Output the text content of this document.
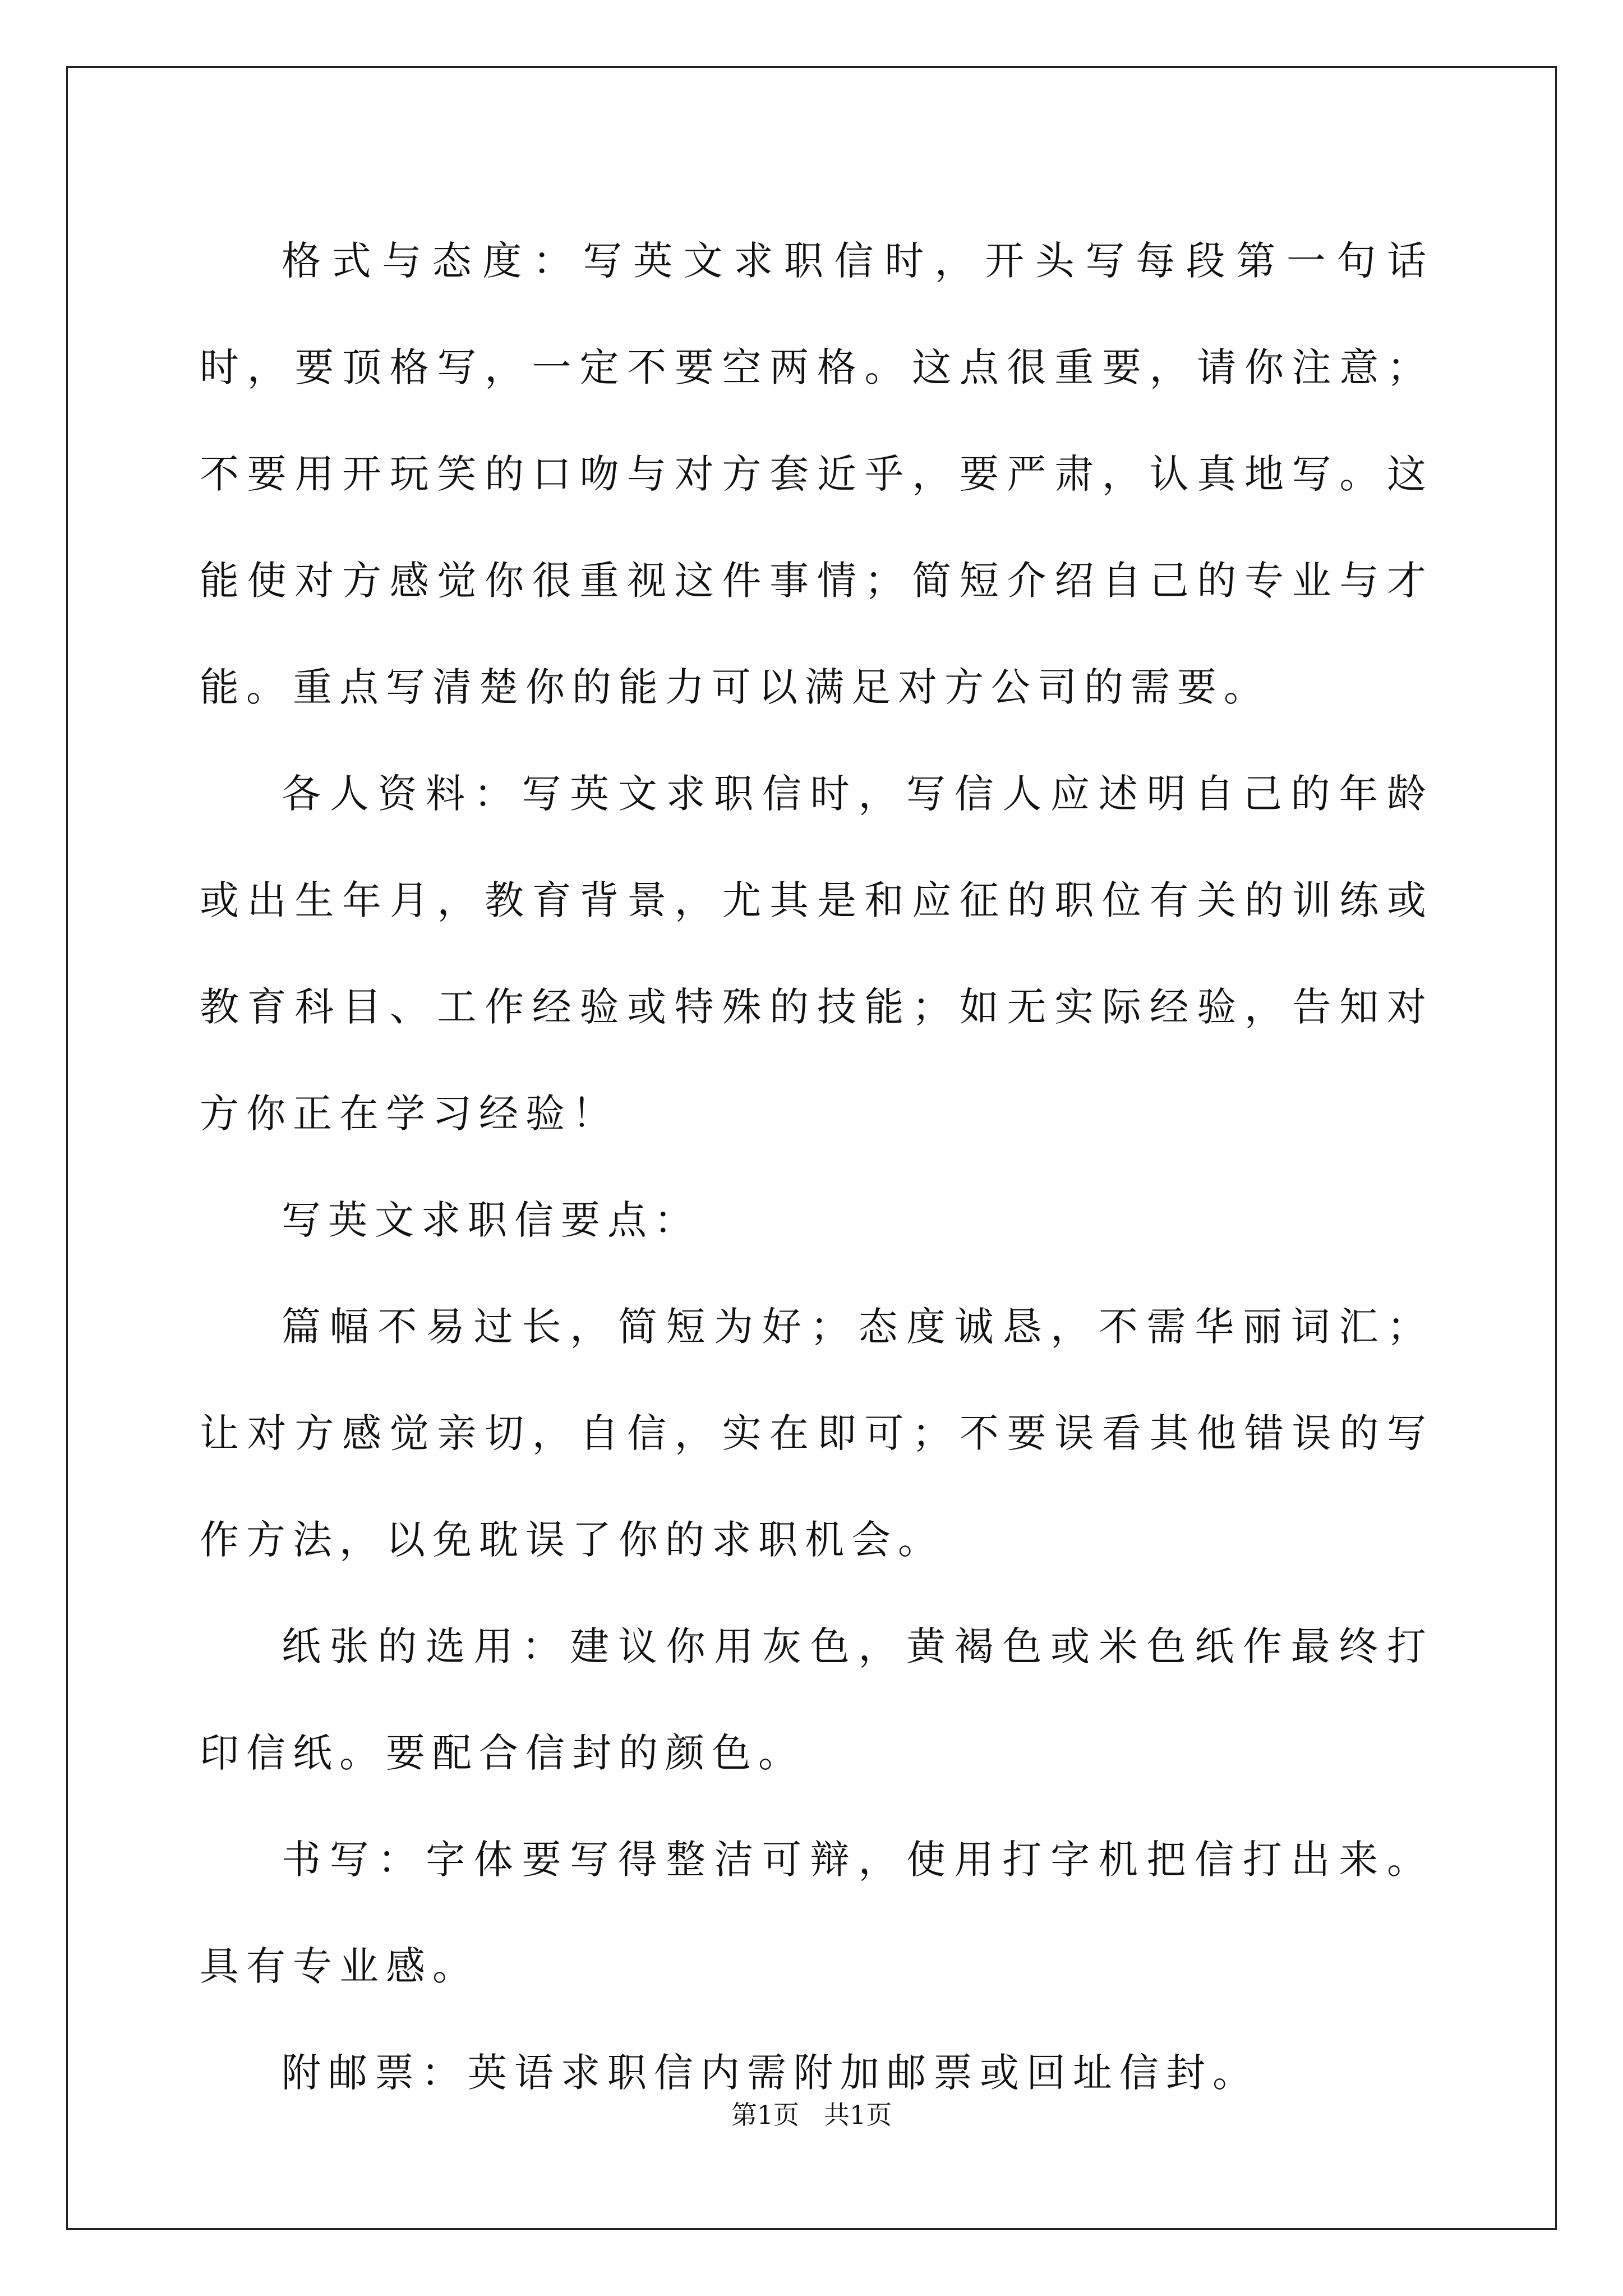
格式与态度：写英文求职信时，开头写每段第一句话时，要顶格写，一定不要空两格。这点很重要，请你注意；不要用开玩笑的口吻与对方套近乎，要严肃，认真地写。这能使对方感觉你很重视这件事情；简短介绍自己的专业与才能。重点写清楚你的能力可以满足对方公司的需要。

各人资料：写英文求职信时，写信人应述明自己的年龄或出生年月，教育背景，尤其是和应征的职位有关的训练或教育科目、工作经验或特殊的技能；如无实际经验，告知对方你正在学习经验！

写英文求职信要点：

篇幅不易过长，简短为好；态度诚恳，不需华丽词汇；让对方感觉亲切，自信，实在即可；不要误看其他错误的写作方法，以免耽误了你的求职机会。

纸张的选用：建议你用灰色，黄褐色或米色纸作最终打印信纸。要配合信封的颜色。

书写：字体要写得整洁可辩，使用打字机把信打出来。具有专业感。

附邮票：英语求职信内需附加邮票或回址信封。

第1页 共1页
